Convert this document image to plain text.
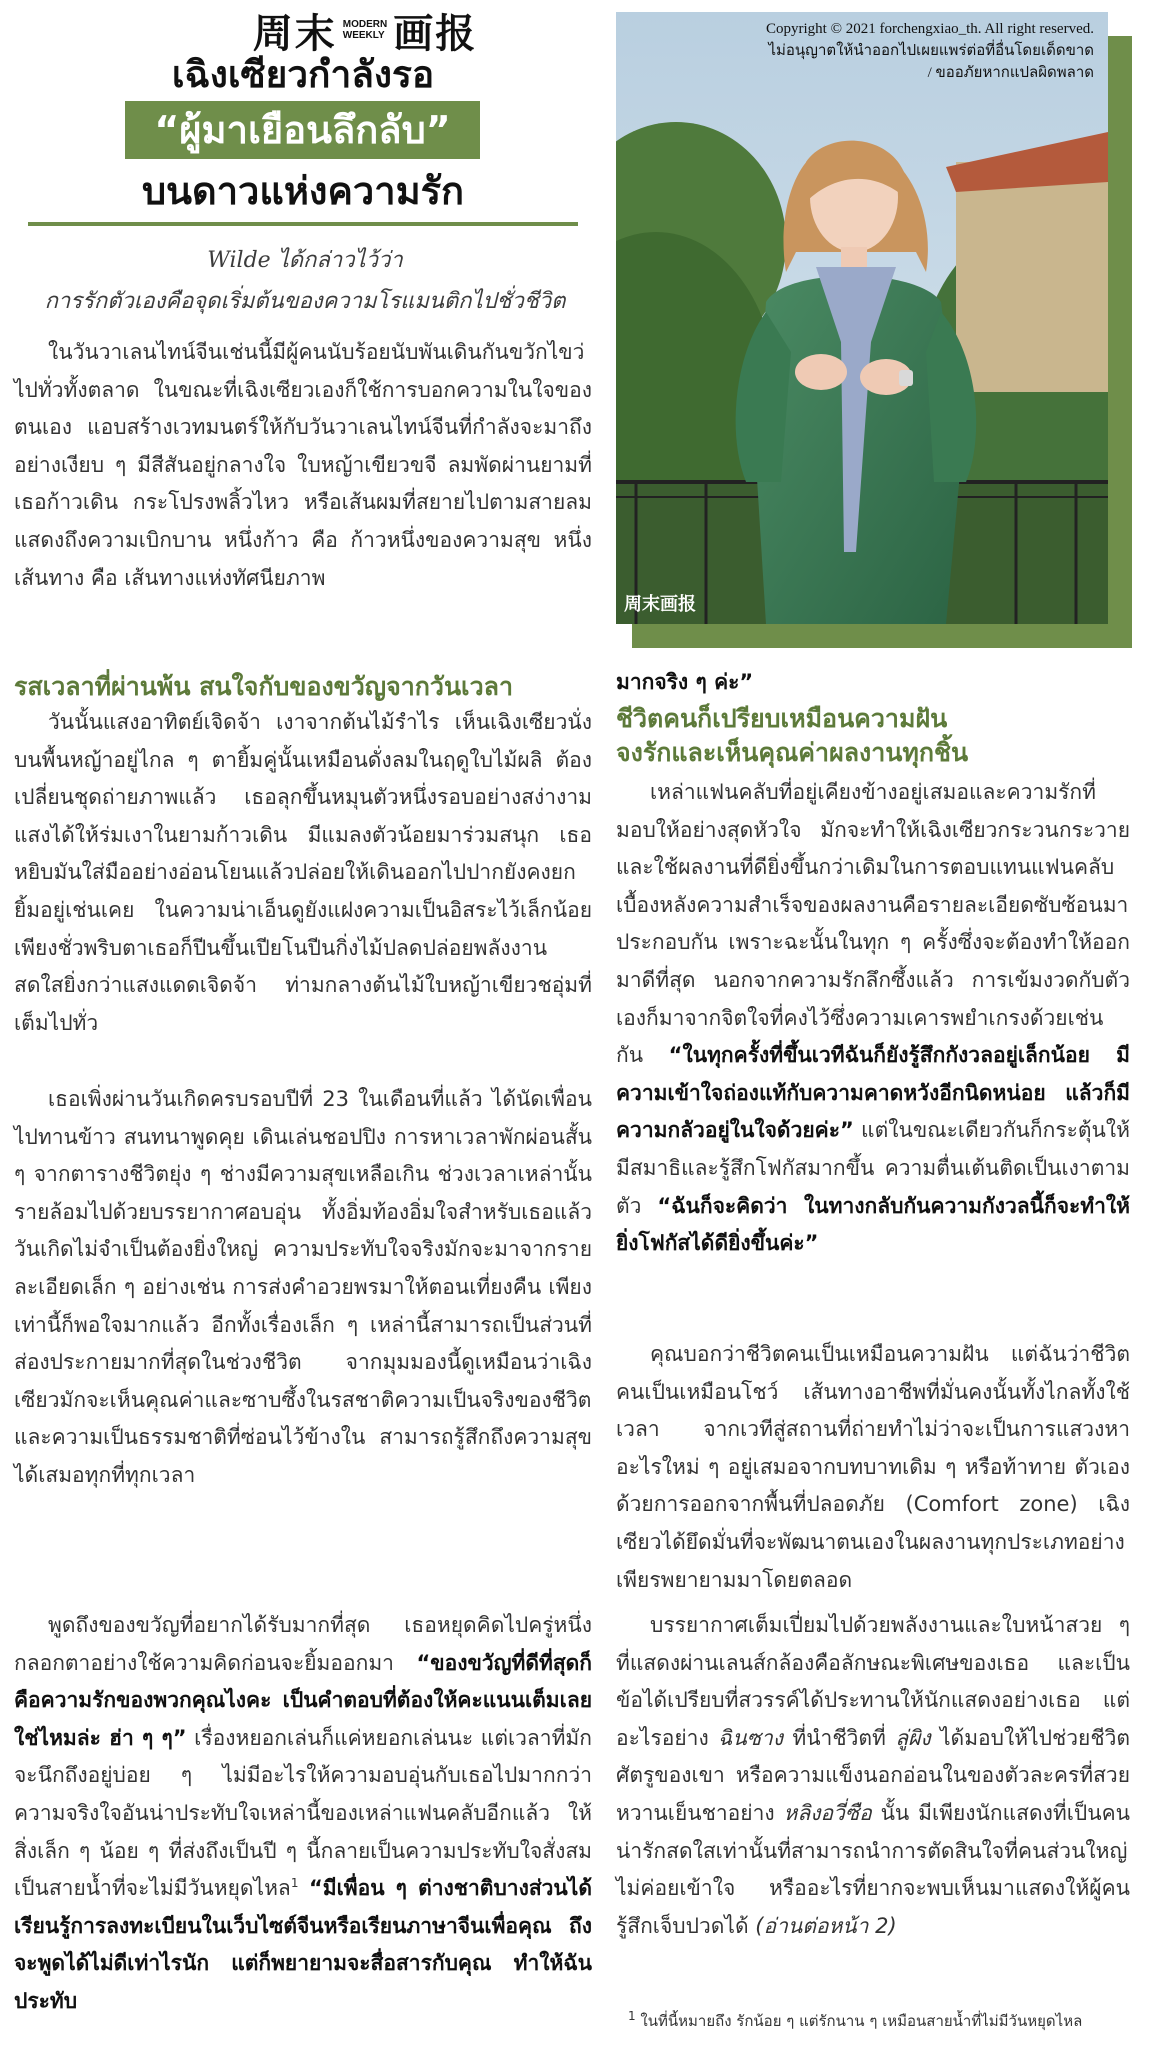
周末 MODERN
WEEKLY 画报
เฉิงเซียวกำลังรอ
“ผู้มาเยือนลึกลับ”
บนดาวแห่งความรัก
Wilde ได้กล่าวไว้ว่า
การรักตัวเองคือจุดเริ่มต้นของความโรแมนติกไปชั่วชีวิต
Copyright © 2021 forchengxiao_th. All right reserved.
ไม่อนุญาตให้นำออกไปเผยแพร่ต่อที่อื่นโดยเด็ดขาด
/ ขออภัยหากแปลผิดพลาด
周末画报
ในวันวาเลนไทน์จีนเช่นนี้มีผู้คนนับร้อยนับพันเดินกันขวักไขว่ไปทั่วทั้งตลาด ในขณะที่เฉิงเซียวเองก็ใช้การบอกความในใจของตนเอง แอบสร้างเวทมนตร์ให้กับวันวาเลนไทน์จีนที่กำลังจะมาถึงอย่างเงียบ ๆ มีสีสันอยู่กลางใจ ใบหญ้าเขียวขจี ลมพัดผ่านยามที่เธอก้าวเดิน กระโปรงพลิ้วไหว หรือเส้นผมที่สยายไปตามสายลมแสดงถึงความเบิกบาน หนึ่งก้าว คือ ก้าวหนึ่งของความสุข หนึ่งเส้นทาง คือ เส้นทางแห่งทัศนียภาพ
รสเวลาที่ผ่านพ้น สนใจกับของขวัญจากวันเวลา
วันนั้นแสงอาทิตย์เจิดจ้า เงาจากต้นไม้รำไร เห็นเฉิงเซียวนั่งบนพื้นหญ้าอยู่ไกล ๆ ตายิ้มคู่นั้นเหมือนดั่งลมในฤดูใบไม้ผลิ ต้องเปลี่ยนชุดถ่ายภาพแล้ว เธอลุกขึ้นหมุนตัวหนึ่งรอบอย่างสง่างาม แสงได้ให้ร่มเงาในยามก้าวเดิน มีแมลงตัวน้อยมาร่วมสนุก เธอหยิบมันใส่มืออย่างอ่อนโยนแล้วปล่อยให้เดินออกไปปากยังคงยกยิ้มอยู่เช่นเคย ในความน่าเอ็นดูยังแฝงความเป็นอิสระไว้เล็กน้อย เพียงชั่วพริบตาเธอก็ปีนขึ้นเปียโนปีนกิ่งไม้ปลดปล่อยพลังงานสดใสยิ่งกว่าแสงแดดเจิดจ้า ท่ามกลางต้นไม้ใบหญ้าเขียวชอุ่มที่เต็มไปทั่ว
เธอเพิ่งผ่านวันเกิดครบรอบปีที่ 23 ในเดือนที่แล้ว ได้นัดเพื่อนไปทานข้าว สนทนาพูดคุย เดินเล่นชอปปิง การหาเวลาพักผ่อนสั้น ๆ จากตารางชีวิตยุ่ง ๆ ช่างมีความสุขเหลือเกิน ช่วงเวลาเหล่านั้นรายล้อมไปด้วยบรรยากาศอบอุ่น ทั้งอิ่มท้องอิ่มใจสำหรับเธอแล้ววันเกิดไม่จำเป็นต้องยิ่งใหญ่ ความประทับใจจริงมักจะมาจากรายละเอียดเล็ก ๆ อย่างเช่น การส่งคำอวยพรมาให้ตอนเที่ยงคืน เพียงเท่านี้ก็พอใจมากแล้ว อีกทั้งเรื่องเล็ก ๆ เหล่านี้สามารถเป็นส่วนที่ส่องประกายมากที่สุดในช่วงชีวิต จากมุมมองนี้ดูเหมือนว่าเฉิงเซียวมักจะเห็นคุณค่าและซาบซึ้งในรสชาติความเป็นจริงของชีวิตและความเป็นธรรมชาติที่ซ่อนไว้ข้างใน สามารถรู้สึกถึงความสุขได้เสมอทุกที่ทุกเวลา
พูดถึงของขวัญที่อยากได้รับมากที่สุด เธอหยุดคิดไปครู่หนึ่ง กลอกตาอย่างใช้ความคิดก่อนจะยิ้มออกมา “ของขวัญที่ดีที่สุดก็คือความรักของพวกคุณไงคะ เป็นคำตอบที่ต้องให้คะแนนเต็มเลยใช่ไหมล่ะ ฮ่า ๆ ๆ” เรื่องหยอกเล่นก็แค่หยอกเล่นนะ แต่เวลาที่มักจะนึกถึงอยู่บ่อย ๆ ไม่มีอะไรให้ความอบอุ่นกับเธอไปมากกว่าความจริงใจอันน่าประทับใจเหล่านี้ของเหล่าแฟนคลับอีกแล้ว ให้สิ่งเล็ก ๆ น้อย ๆ ที่ส่งถึงเป็นปี ๆ นี้กลายเป็นความประทับใจสั่งสมเป็นสายน้ำที่จะไม่มีวันหยุดไหล$^1$ “มีเพื่อน ๆ ต่างชาติบางส่วนได้เรียนรู้การลงทะเบียนในเว็บไซต์จีนหรือเรียนภาษาจีนเพื่อคุณ ถึงจะพูดได้ไม่ดีเท่าไรนัก แต่ก็พยายามจะสื่อสารกับคุณ ทำให้ฉันประทับ
มากจริง ๆ ค่ะ”
ชีวิตคนก็เปรียบเหมือนความฝัน
จงรักและเห็นคุณค่าผลงานทุกชิ้น
เหล่าแฟนคลับที่อยู่เคียงข้างอยู่เสมอและความรักที่มอบให้อย่างสุดหัวใจ มักจะทำให้เฉิงเซียวกระวนกระวายและใช้ผลงานที่ดียิ่งขึ้นกว่าเดิมในการตอบแทนแฟนคลับ เบื้องหลังความสำเร็จของผลงานคือรายละเอียดซับซ้อนมาประกอบกัน เพราะฉะนั้นในทุก ๆ ครั้งซึ่งจะต้องทำให้ออกมาดีที่สุด นอกจากความรักลึกซึ้งแล้ว การเข้มงวดกับตัวเองก็มาจากจิตใจที่คงไว้ซึ่งความเคารพยำเกรงด้วยเช่นกัน “ในทุกครั้งที่ขึ้นเวทีฉันก็ยังรู้สึกกังวลอยู่เล็กน้อย มีความเข้าใจถ่องแท้กับความคาดหวังอีกนิดหน่อย แล้วก็มีความกลัวอยู่ในใจด้วยค่ะ” แต่ในขณะเดียวกันก็กระตุ้นให้มีสมาธิและรู้สึกโฟกัสมากขึ้น ความตื่นเต้นติดเป็นเงาตามตัว “ฉันก็จะคิดว่า ในทางกลับกันความกังวลนี้ก็จะทำให้ยิ่งโฟกัสได้ดียิ่งขึ้นค่ะ”
คุณบอกว่าชีวิตคนเป็นเหมือนความฝัน แต่ฉันว่าชีวิตคนเป็นเหมือนโชว์ เส้นทางอาชีพที่มั่นคงนั้นทั้งไกลทั้งใช้เวลา จากเวทีสู่สถานที่ถ่ายทำไม่ว่าจะเป็นการแสวงหาอะไรใหม่ ๆ อยู่เสมอจากบทบาทเดิม ๆ หรือท้าทาย ตัวเองด้วยการออกจากพื้นที่ปลอดภัย (Comfort zone) เฉิงเซียวได้ยึดมั่นที่จะพัฒนาตนเองในผลงานทุกประเภทอย่างเพียรพยายามมาโดยตลอด
บรรยากาศเต็มเปี่ยมไปด้วยพลังงานและใบหน้าสวย ๆ ที่แสดงผ่านเลนส์กล้องคือลักษณะพิเศษของเธอ และเป็นข้อได้เปรียบที่สวรรค์ได้ประทานให้นักแสดงอย่างเธอ แต่อะไรอย่าง ฉินซาง ที่นำชีวิตที่ ลู่ผิง ได้มอบให้ไปช่วยชีวิตศัตรูของเขา หรือความแข็งนอกอ่อนในของตัวละครที่สวยหวานเย็นชาอย่าง หลิงอวี่ซือ นั้น มีเพียงนักแสดงที่เป็นคนน่ารักสดใสเท่านั้นที่สามารถนำการตัดสินใจที่คนส่วนใหญ่ไม่ค่อยเข้าใจ หรืออะไรที่ยากจะพบเห็นมาแสดงให้ผู้คนรู้สึกเจ็บปวดได้ (อ่านต่อหน้า 2)
$^1$ ในที่นี้หมายถึง รักน้อย ๆ แต่รักนาน ๆ เหมือนสายน้ำที่ไม่มีวันหยุดไหล
